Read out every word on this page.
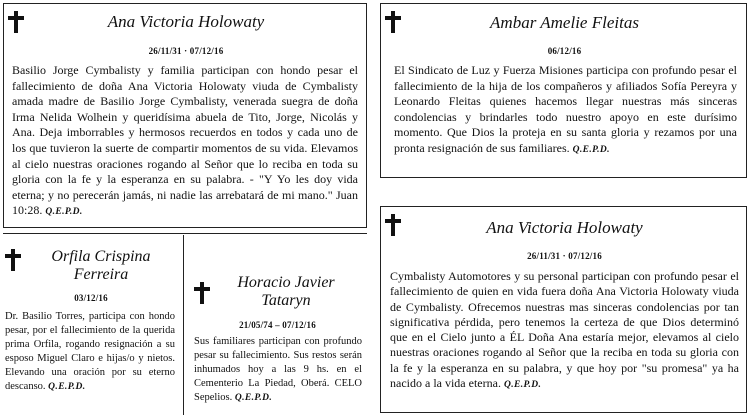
Ana Victoria Holowaty
26/11/31 · 07/12/16
Basilio Jorge Cymbalisty y familia participan con hondo pesar el fallecimiento de doña Ana Victoria Holowaty viuda de Cymbalisty amada madre de Basilio Jorge Cymbalisty, venerada suegra de doña Irma Nelida Wolhein y queridísima abuela de Tito, Jorge, Nicolás y Ana. Deja imborrables y hermosos recuerdos en todos y cada uno de los que tuvieron la suerte de compartir momentos de su vida. Elevamos al cielo nuestras oraciones rogando al Señor que lo reciba en toda su gloria con la fe y la esperanza en su palabra. - "Y Yo les doy vida eterna; y no perecerán jamás, ni nadie las arrebatará de mi mano." Juan 10:28. Q.E.P.D.
Ambar Amelie Fleitas
06/12/16
El Sindicato de Luz y Fuerza Misiones participa con profundo pesar el fallecimiento de la hija de los compañeros y afiliados Sofía Pereyra y Leonardo Fleitas quienes hacemos llegar nuestras más sinceras condolencias y brindarles todo nuestro apoyo en este durísimo momento. Que Dios la proteja en su santa gloria y rezamos por una pronta resignación de sus familiares. Q.E.P.D.
Orfila Crispina Ferreira
03/12/16
Dr. Basilio Torres, participa con hondo pesar, por el fallecimiento de la querida prima Orfila, rogando resignación a su esposo Miguel Claro e hijas/o y nietos. Elevando una oración por su eterno descanso. Q.E.P.D.
Horacio Javier Tataryn
21/05/74 – 07/12/16
Sus familiares participan con profundo pesar su fallecimiento. Sus restos serán inhumados hoy a las 9 hs. en el Cementerio La Piedad, Oberá. CELO Sepelios. Q.E.P.D.
Ana Victoria Holowaty
26/11/31 · 07/12/16
Cymbalisty Automotores y su personal participan con profundo pesar el fallecimiento de quien en vida fuera doña Ana Victoria Holowaty viuda de Cymbalisty. Ofrecemos nuestras mas sinceras condolencias por tan significativa pérdida, pero tenemos la certeza de que Dios determinó que en el Cielo junto a ÉL Doña Ana estaría mejor, elevamos al cielo nuestras oraciones rogando al Señor que la reciba en toda su gloria con la fe y la esperanza en su palabra, y que hoy por "su promesa" ya ha nacido a la vida eterna. Q.E.P.D.
